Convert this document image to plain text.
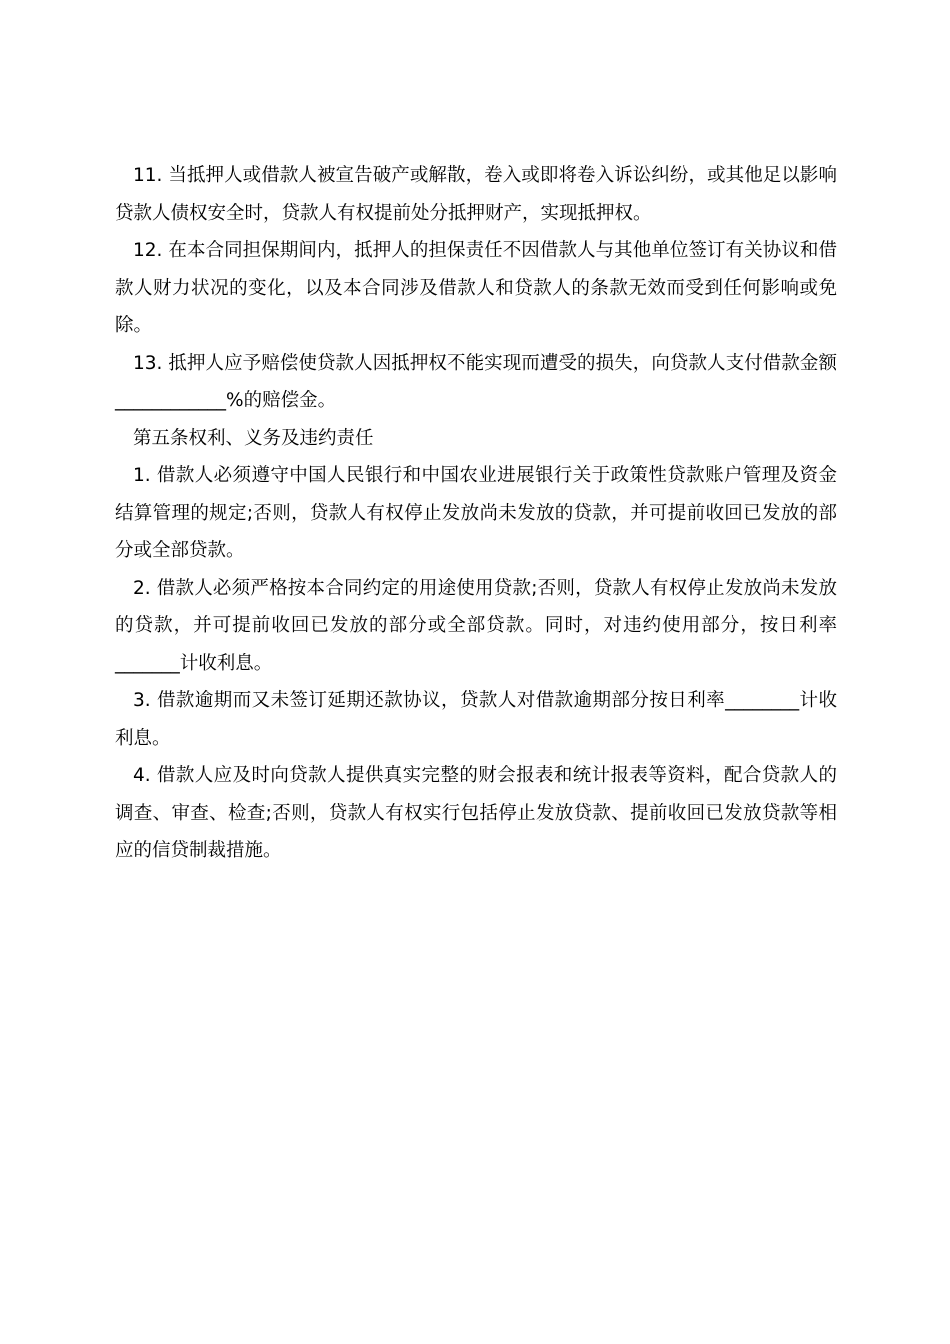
11. 当抵押人或借款人被宣告破产或解散，卷入或即将卷入诉讼纠纷，或其他足以影响贷款人债权安全时，贷款人有权提前处分抵押财产，实现抵押权。

12. 在本合同担保期间内，抵押人的担保责任不因借款人与其他单位签订有关协议和借款人财力状况的变化，以及本合同涉及借款人和贷款人的条款无效而受到任何影响或免除。

13. 抵押人应予赔偿使贷款人因抵押权不能实现而遭受的损失，向贷款人支付借款金额____________%的赔偿金。

第五条权利、义务及违约责任

1. 借款人必须遵守中国人民银行和中国农业进展银行关于政策性贷款账户管理及资金结算管理的规定;否则，贷款人有权停止发放尚未发放的贷款，并可提前收回已发放的部分或全部贷款。

2. 借款人必须严格按本合同约定的用途使用贷款;否则，贷款人有权停止发放尚未发放的贷款，并可提前收回已发放的部分或全部贷款。同时，对违约使用部分，按日利率_______计收利息。

3. 借款逾期而又未签订延期还款协议，贷款人对借款逾期部分按日利率________计收利息。

4. 借款人应及时向贷款人提供真实完整的财会报表和统计报表等资料，配合贷款人的调查、审查、检查;否则，贷款人有权实行包括停止发放贷款、提前收回已发放贷款等相应的信贷制裁措施。
